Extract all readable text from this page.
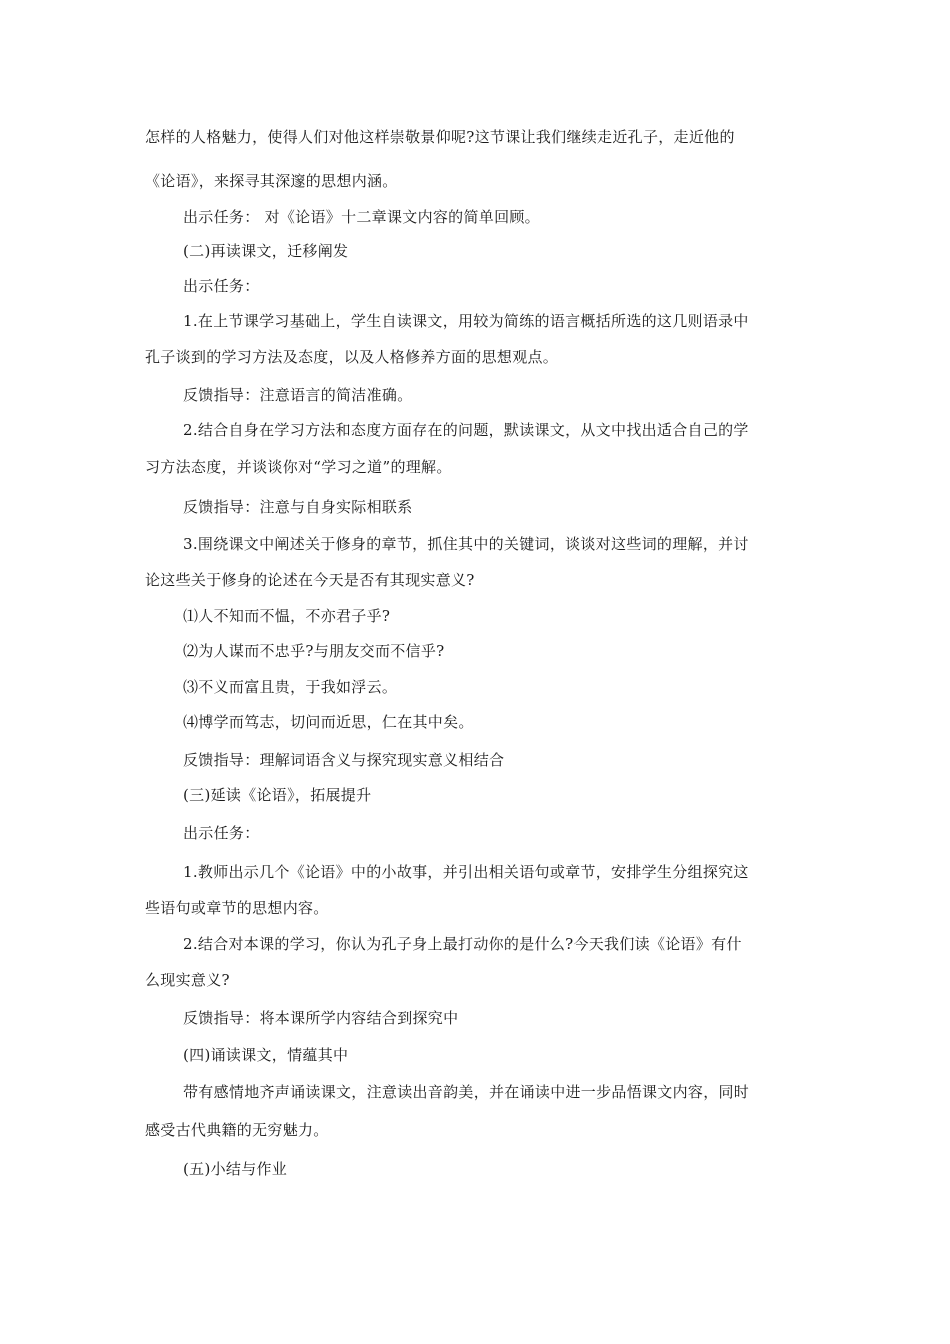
怎样的人格魅力，使得人们对他这样崇敬景仰呢?这节课让我们继续走近孔子，走近他的
《论语》，来探寻其深邃的思想内涵。
出示任务： 对《论语》十二章课文内容的简单回顾。
(二)再读课文，迁移阐发
出示任务：
1.在上节课学习基础上，学生自读课文，用较为简练的语言概括所选的这几则语录中
孔子谈到的学习方法及态度，以及人格修养方面的思想观点。
反馈指导：注意语言的简洁准确。
2.结合自身在学习方法和态度方面存在的问题，默读课文，从文中找出适合自己的学
习方法态度，并谈谈你对“学习之道”的理解。
反馈指导：注意与自身实际相联系
3.围绕课文中阐述关于修身的章节，抓住其中的关键词，谈谈对这些词的理解，并讨
论这些关于修身的论述在今天是否有其现实意义?
⑴人不知而不愠，不亦君子乎?
⑵为人谋而不忠乎?与朋友交而不信乎?
⑶不义而富且贵，于我如浮云。
⑷博学而笃志，切问而近思，仁在其中矣。
反馈指导：理解词语含义与探究现实意义相结合
(三)延读《论语》，拓展提升
出示任务：
1.教师出示几个《论语》中的小故事，并引出相关语句或章节，安排学生分组探究这
些语句或章节的思想内容。
2.结合对本课的学习，你认为孔子身上最打动你的是什么?今天我们读《论语》有什
么现实意义?
反馈指导：将本课所学内容结合到探究中
(四)诵读课文，情蕴其中
带有感情地齐声诵读课文，注意读出音韵美，并在诵读中进一步品悟课文内容，同时
感受古代典籍的无穷魅力。
(五)小结与作业
